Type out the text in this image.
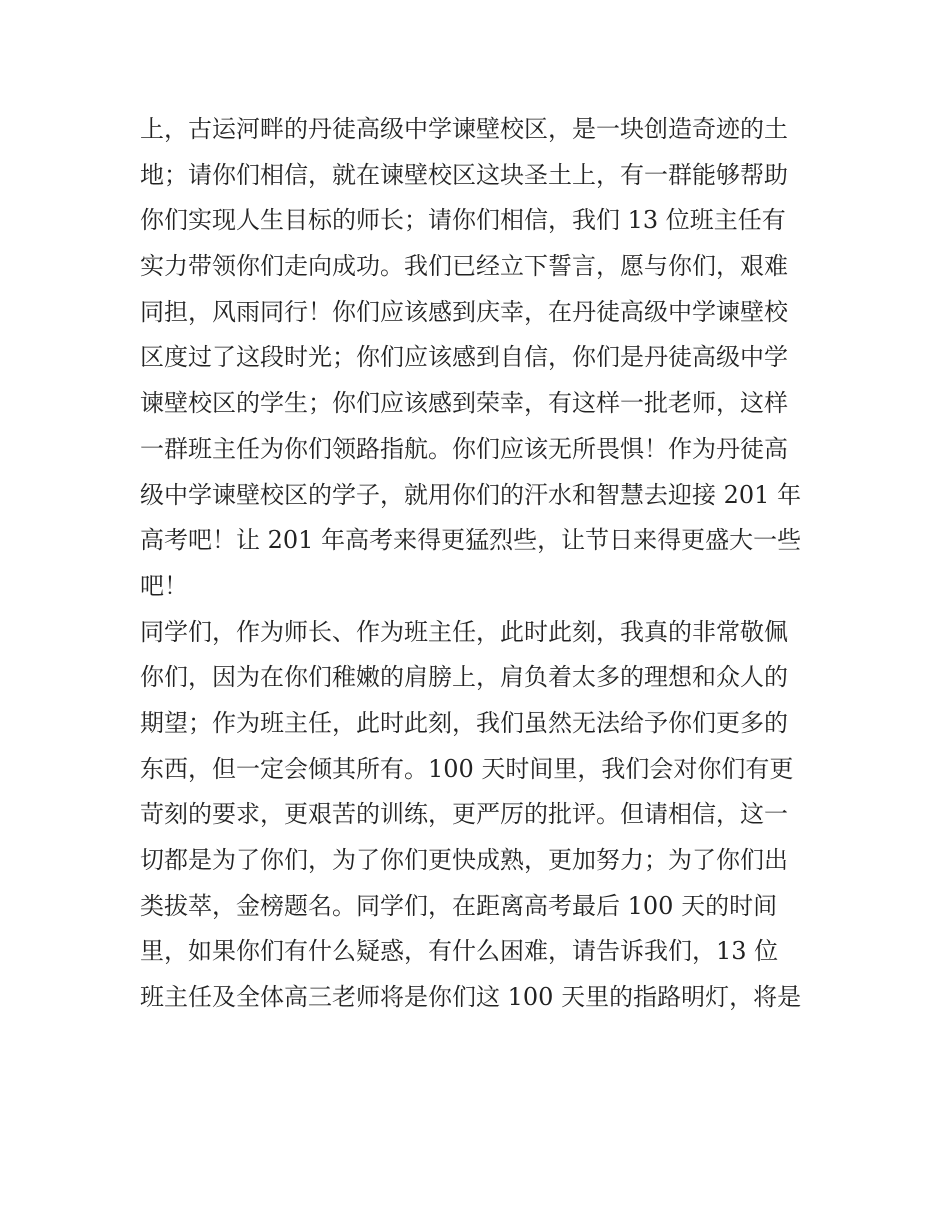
上，古运河畔的丹徒高级中学谏壁校区，是一块创造奇迹的土
地；请你们相信，就在谏壁校区这块圣土上，有一群能够帮助
你们实现人生目标的师长；请你们相信，我们 13 位班主任有
实力带领你们走向成功。我们已经立下誓言，愿与你们，艰难
同担，风雨同行！你们应该感到庆幸，在丹徒高级中学谏壁校
区度过了这段时光；你们应该感到自信，你们是丹徒高级中学
谏壁校区的学生；你们应该感到荣幸，有这样一批老师，这样
一群班主任为你们领路指航。你们应该无所畏惧！作为丹徒高
级中学谏壁校区的学子，就用你们的汗水和智慧去迎接 201 年
高考吧！让 201 年高考来得更猛烈些，让节日来得更盛大一些
吧！
同学们，作为师长、作为班主任，此时此刻，我真的非常敬佩
你们，因为在你们稚嫩的肩膀上，肩负着太多的理想和众人的
期望；作为班主任，此时此刻，我们虽然无法给予你们更多的
东西，但一定会倾其所有。100 天时间里，我们会对你们有更
苛刻的要求，更艰苦的训练，更严厉的批评。但请相信，这一
切都是为了你们，为了你们更快成熟，更加努力；为了你们出
类拔萃，金榜题名。同学们，在距离高考最后 100 天的时间
里，如果你们有什么疑惑，有什么困难，请告诉我们，13 位
班主任及全体高三老师将是你们这 100 天里的指路明灯，将是
